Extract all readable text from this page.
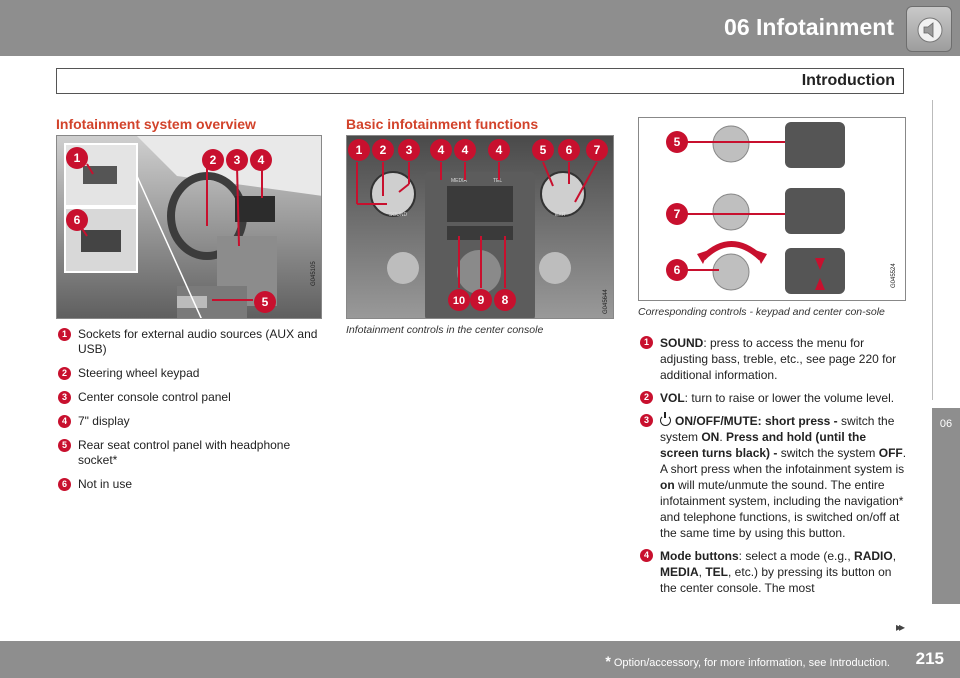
06 Infotainment
Introduction
06
▸▸
Infotainment system overview
1	2 3 4
6
5
G045105
1 Sockets for external audio sources (AUX and USB)
2 Steering wheel keypad
3 Center console control panel
4 7" display
5 Rear seat control panel with headphone socket*
6 Not in use
Basic infotainment functions
SOUND
MEDIA	TEL
EXIT
1 2 3 4 4 4	5 6 7
10 9 8	G045644
Infotainment controls in the center console
5
7
6	G045524
Corresponding controls - keypad and center con-sole
1 SOUND: press to access the menu for adjusting bass, treble, etc., see page 220 for additional information.
2 VOL: turn to raise or lower the volume level.
3	ON/OFF/MUTE: short press - switch the system ON. Press and hold (until the screen turns black) - switch the system OFF. A short press when the infotainment system is on will mute/unmute the sound. The entire infotainment system, including the navigation* and telephone functions, is switched on/off at the same time by using this button.
4 Mode buttons: select a mode (e.g., RADIO, MEDIA, TEL, etc.) by pressing its button on the center console. The most
* Option/accessory, for more information, see Introduction. 215
